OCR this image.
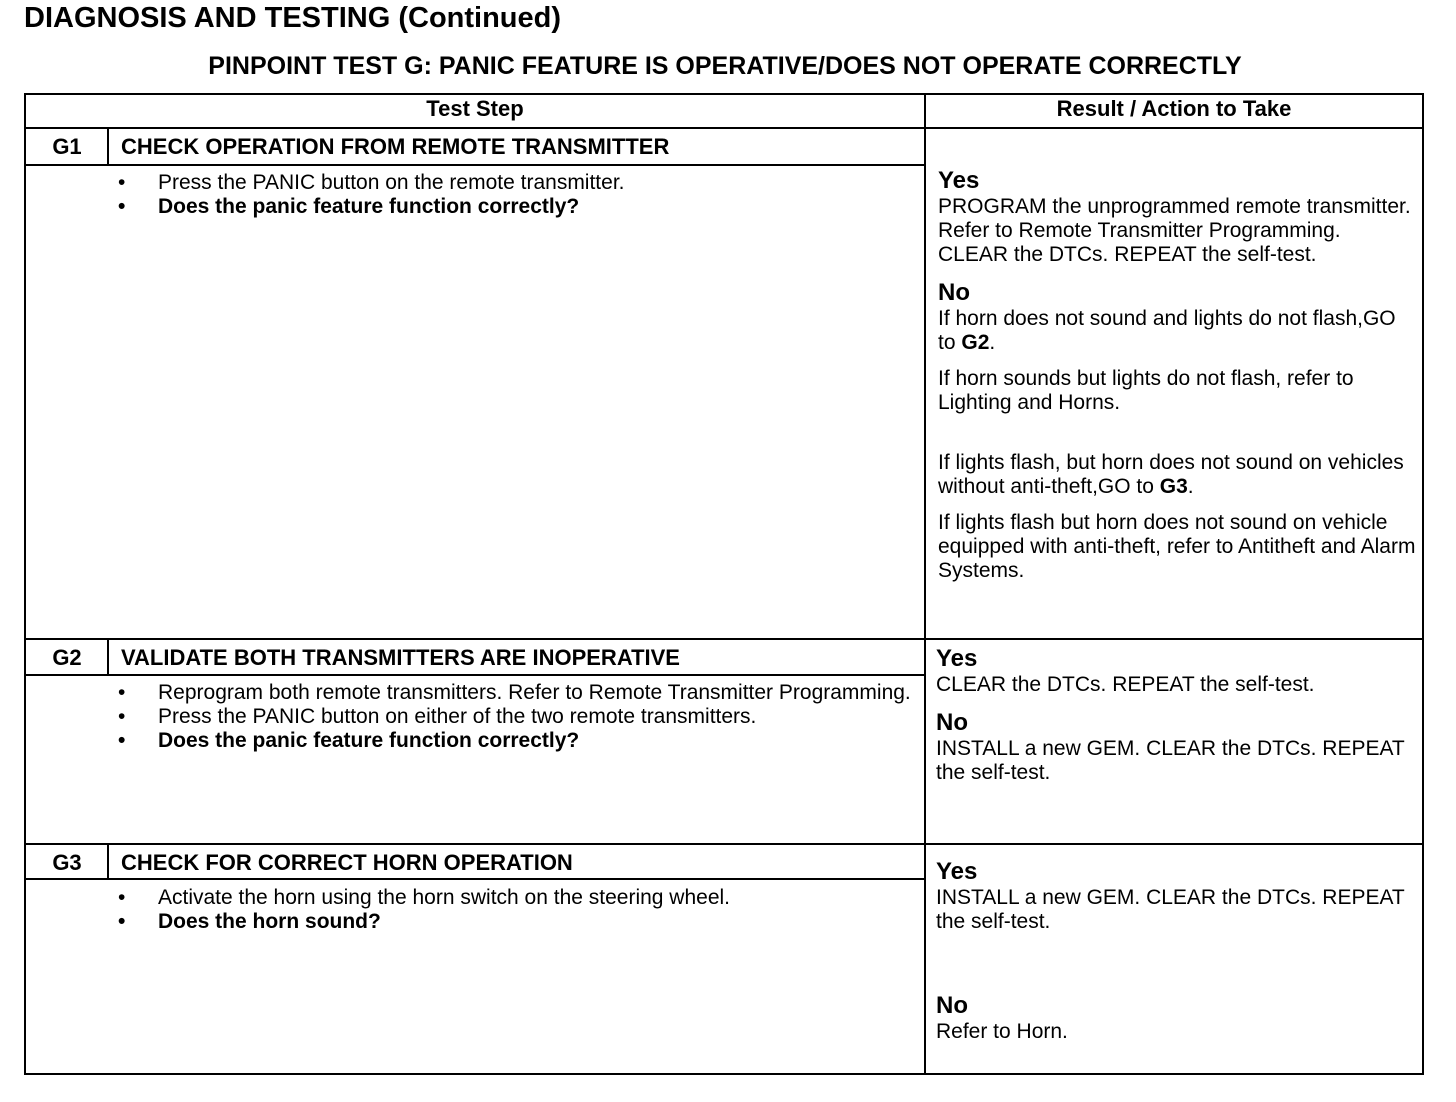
DIAGNOSIS AND TESTING (Continued)
PINPOINT TEST G: PANIC FEATURE IS OPERATIVE/DOES NOT OPERATE CORRECTLY
Test Step	Result / Action to Take
G1	CHECK OPERATION FROM REMOTE TRANSMITTER
• Press the PANIC button on the remote transmitter.
• Does the panic feature function correctly?
Yes

PROGRAM the unprogrammed remote transmitter. Refer to Remote Transmitter Programming. CLEAR the DTCs. REPEAT the self-test.

No

If horn does not sound and lights do not flash,GO to G2.

If horn sounds but lights do not flash, refer to Lighting and Horns.

If lights flash, but horn does not sound on vehicles without anti-theft,GO to G3.

If lights flash but horn does not sound on vehicle equipped with anti-theft, refer to Antitheft and Alarm Systems.

G2	VALIDATE BOTH TRANSMITTERS ARE INOPERATIVE
• Reprogram both remote transmitters. Refer to Remote Transmitter Programming.
• Press the PANIC button on either of the two remote transmitters.
• Does the panic feature function correctly?
Yes

CLEAR the DTCs. REPEAT the self-test.

No

INSTALL a new GEM. CLEAR the DTCs. REPEAT the self-test.

G3	CHECK FOR CORRECT HORN OPERATION
• Activate the horn using the horn switch on the steering wheel.
• Does the horn sound?
Yes

INSTALL a new GEM. CLEAR the DTCs. REPEAT the self-test.

No

Refer to Horn.
